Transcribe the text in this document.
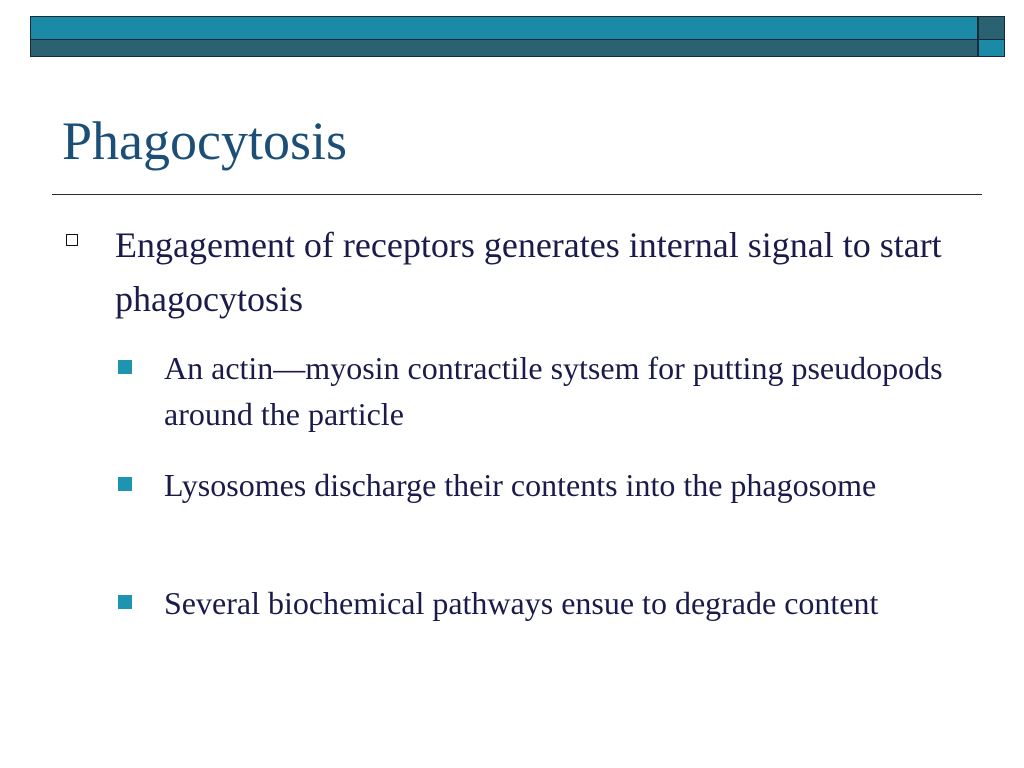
Phagocytosis
Engagement of receptors generates internal signal to start phagocytosis
An actin—myosin contractile sytsem for putting pseudopods around the particle
Lysosomes discharge their contents into the phagosome
Several biochemical pathways ensue to degrade content
